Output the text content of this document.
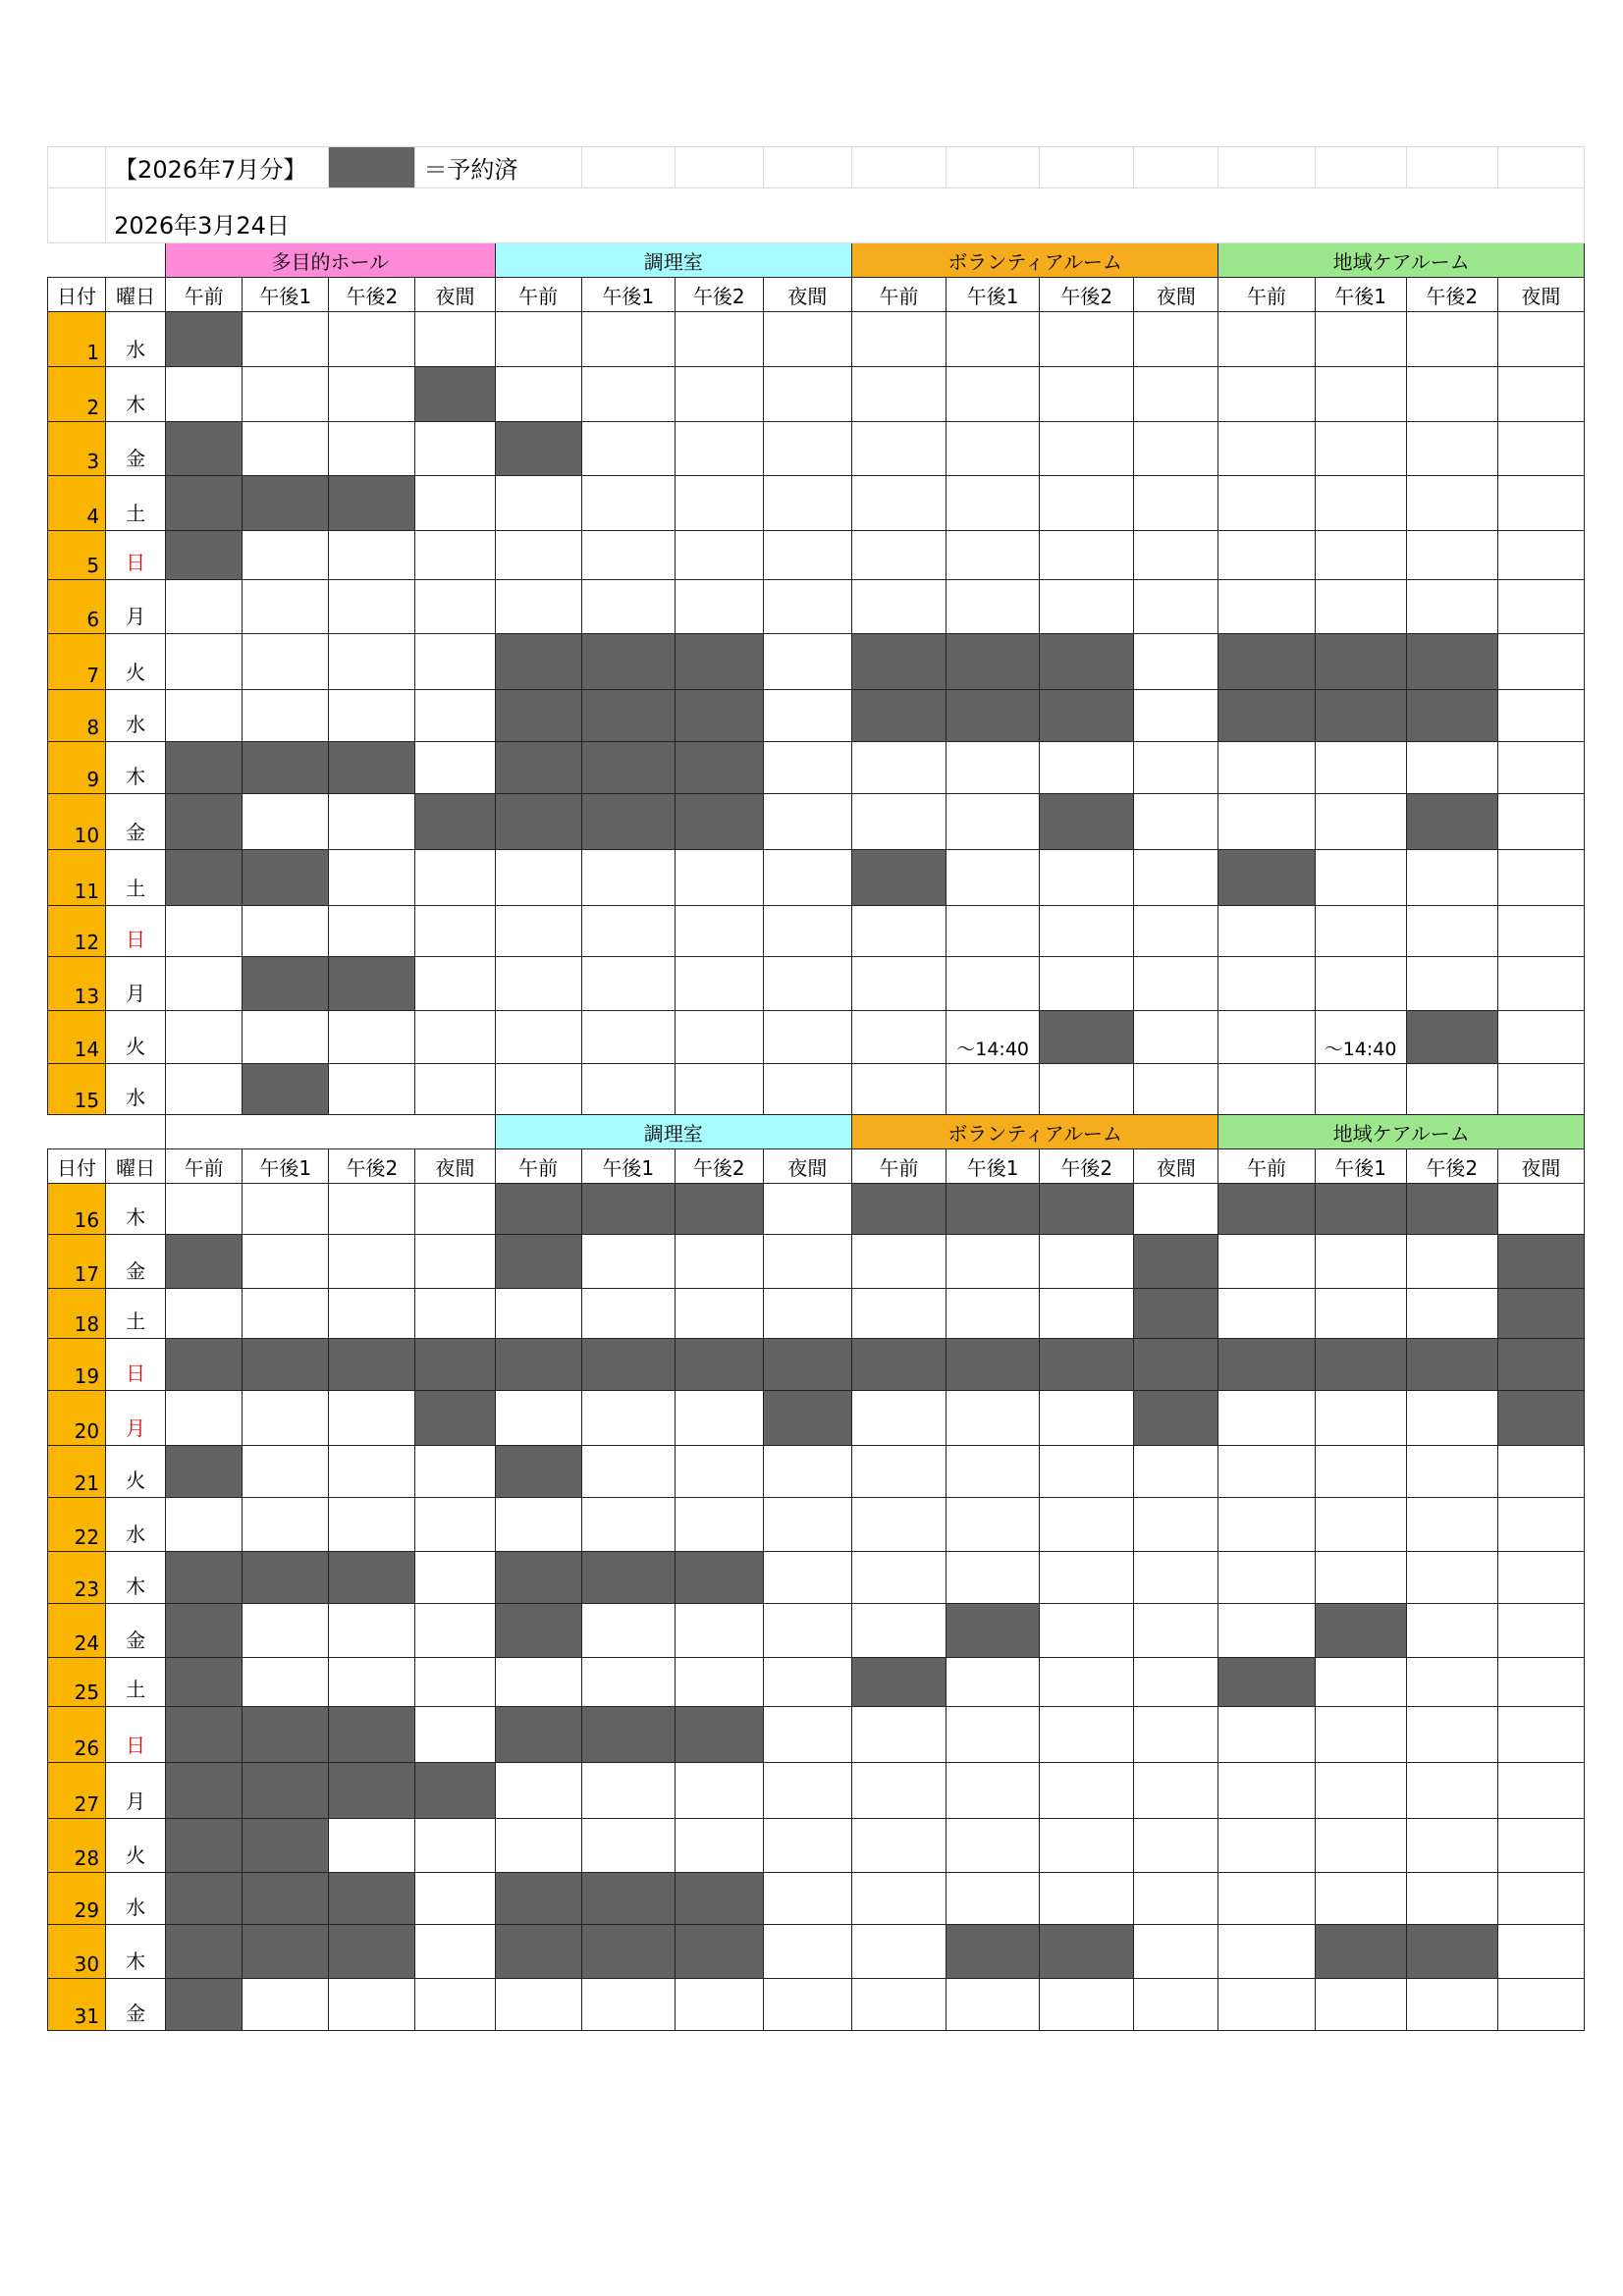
	【2026年7月分】				＝予約済												
	2026年3月24日																
		多目的ホール				調理室				ボランティアルーム				地域ケアルーム			
日付	曜日	午前	午後1	午後2	夜間	午前	午後1	午後2	夜間	午前	午後1	午後2	夜間	午前	午後1	午後2	夜間
1	水																
2	木																
3	金																
4	土																
5	日																
6	月																
7	火																
8	水																
9	木																
10	金																
11	土																
12	日																
13	月																
14	火										～14:40				～14:40		
15	水																
						調理室				ボランティアルーム				地域ケアルーム			
日付	曜日	午前	午後1	午後2	夜間	午前	午後1	午後2	夜間	午前	午後1	午後2	夜間	午前	午後1	午後2	夜間
16	木																
17	金																
18	土																
19	日																
20	月																
21	火																
22	水																
23	木																
24	金																
25	土																
26	日																
27	月																
28	火																
29	水																
30	木																
31	金																
